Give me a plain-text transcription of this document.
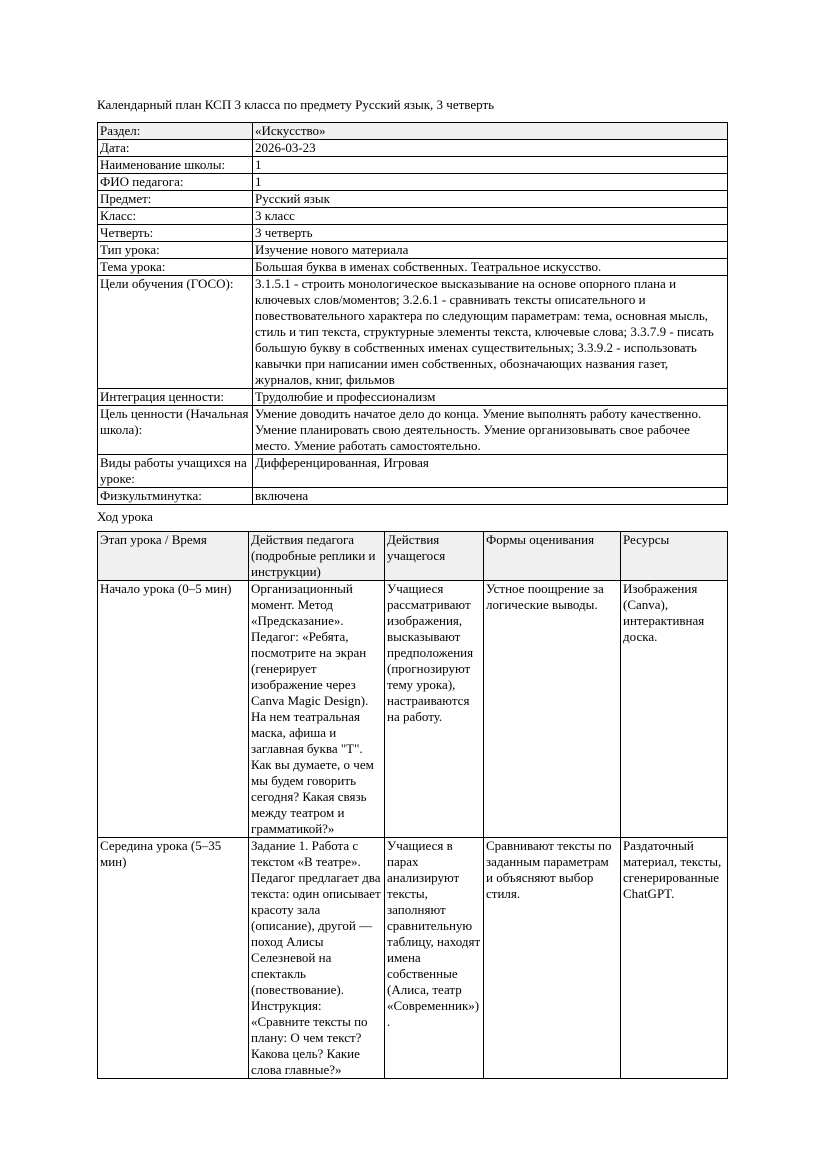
Календарный план КСП 3 класса по предмету Русский язык, 3 четверть

Раздел:	«Искусство»
Дата:	2026-03-23
Наименование школы:	1
ФИО педагога:	1
Предмет:	Русский язык
Класс:	3 класс
Четверть:	3 четверть
Тип урока:	Изучение нового материала
Тема урока:	Большая буква в именах собственных. Театральное искусство.
Цели обучения (ГОСО):	3.1.5.1 - строить монологическое высказывание на основе опорного плана и ключевых слов/моментов; 3.2.6.1 - сравнивать тексты описательного и повествовательного характера по следующим параметрам: тема, основная мысль, стиль и тип текста, структурные элементы текста, ключевые слова; 3.3.7.9 - писать большую букву в собственных именах существительных; 3.3.9.2 - использовать кавычки при написании имен собственных, обозначающих названия газет, журналов, книг, фильмов
Интеграция ценности:	Трудолюбие и профессионализм
Цель ценности (Начальная школа):	Умение доводить начатое дело до конца. Умение выполнять работу качественно. Умение планировать свою деятельность. Умение организовывать свое рабочее место. Умение работать самостоятельно.
Виды работы учащихся на уроке:	Дифференцированная, Игровая
Физкультминутка:	включена

Ход урока

Этап урока / Время	Действия педагога (подробные реплики и инструкции)	Действия учащегося	Формы оценивания	Ресурсы
Начало урока (0–5 мин)	Организационный момент. Метод «Предсказание». Педагог: «Ребята, посмотрите на экран (генерирует изображение через Canva Magic Design). На нем театральная маска, афиша и заглавная буква "Т". Как вы думаете, о чем мы будем говорить сегодня? Какая связь между театром и грамматикой?»	Учащиеся рассматривают изображения, высказывают предположения (прогнозируют тему урока), настраиваются на работу.	Устное поощрение за логические выводы.	Изображения (Canva), интерактивная доска.
Середина урока (5–35 мин)	Задание 1. Работа с текстом «В театре». Педагог предлагает два текста: один описывает красоту зала (описание), другой — поход Алисы Селезневой на спектакль (повествование). Инструкция: «Сравните тексты по плану: О чем текст? Какова цель? Какие слова главные?»	Учащиеся в парах анализируют тексты, заполняют сравнительную таблицу, находят имена собственные (Алиса, театр «Современник»).	Сравнивают тексты по заданным параметрам и объясняют выбор стиля.	Раздаточный материал, тексты, сгенерированные ChatGPT.
